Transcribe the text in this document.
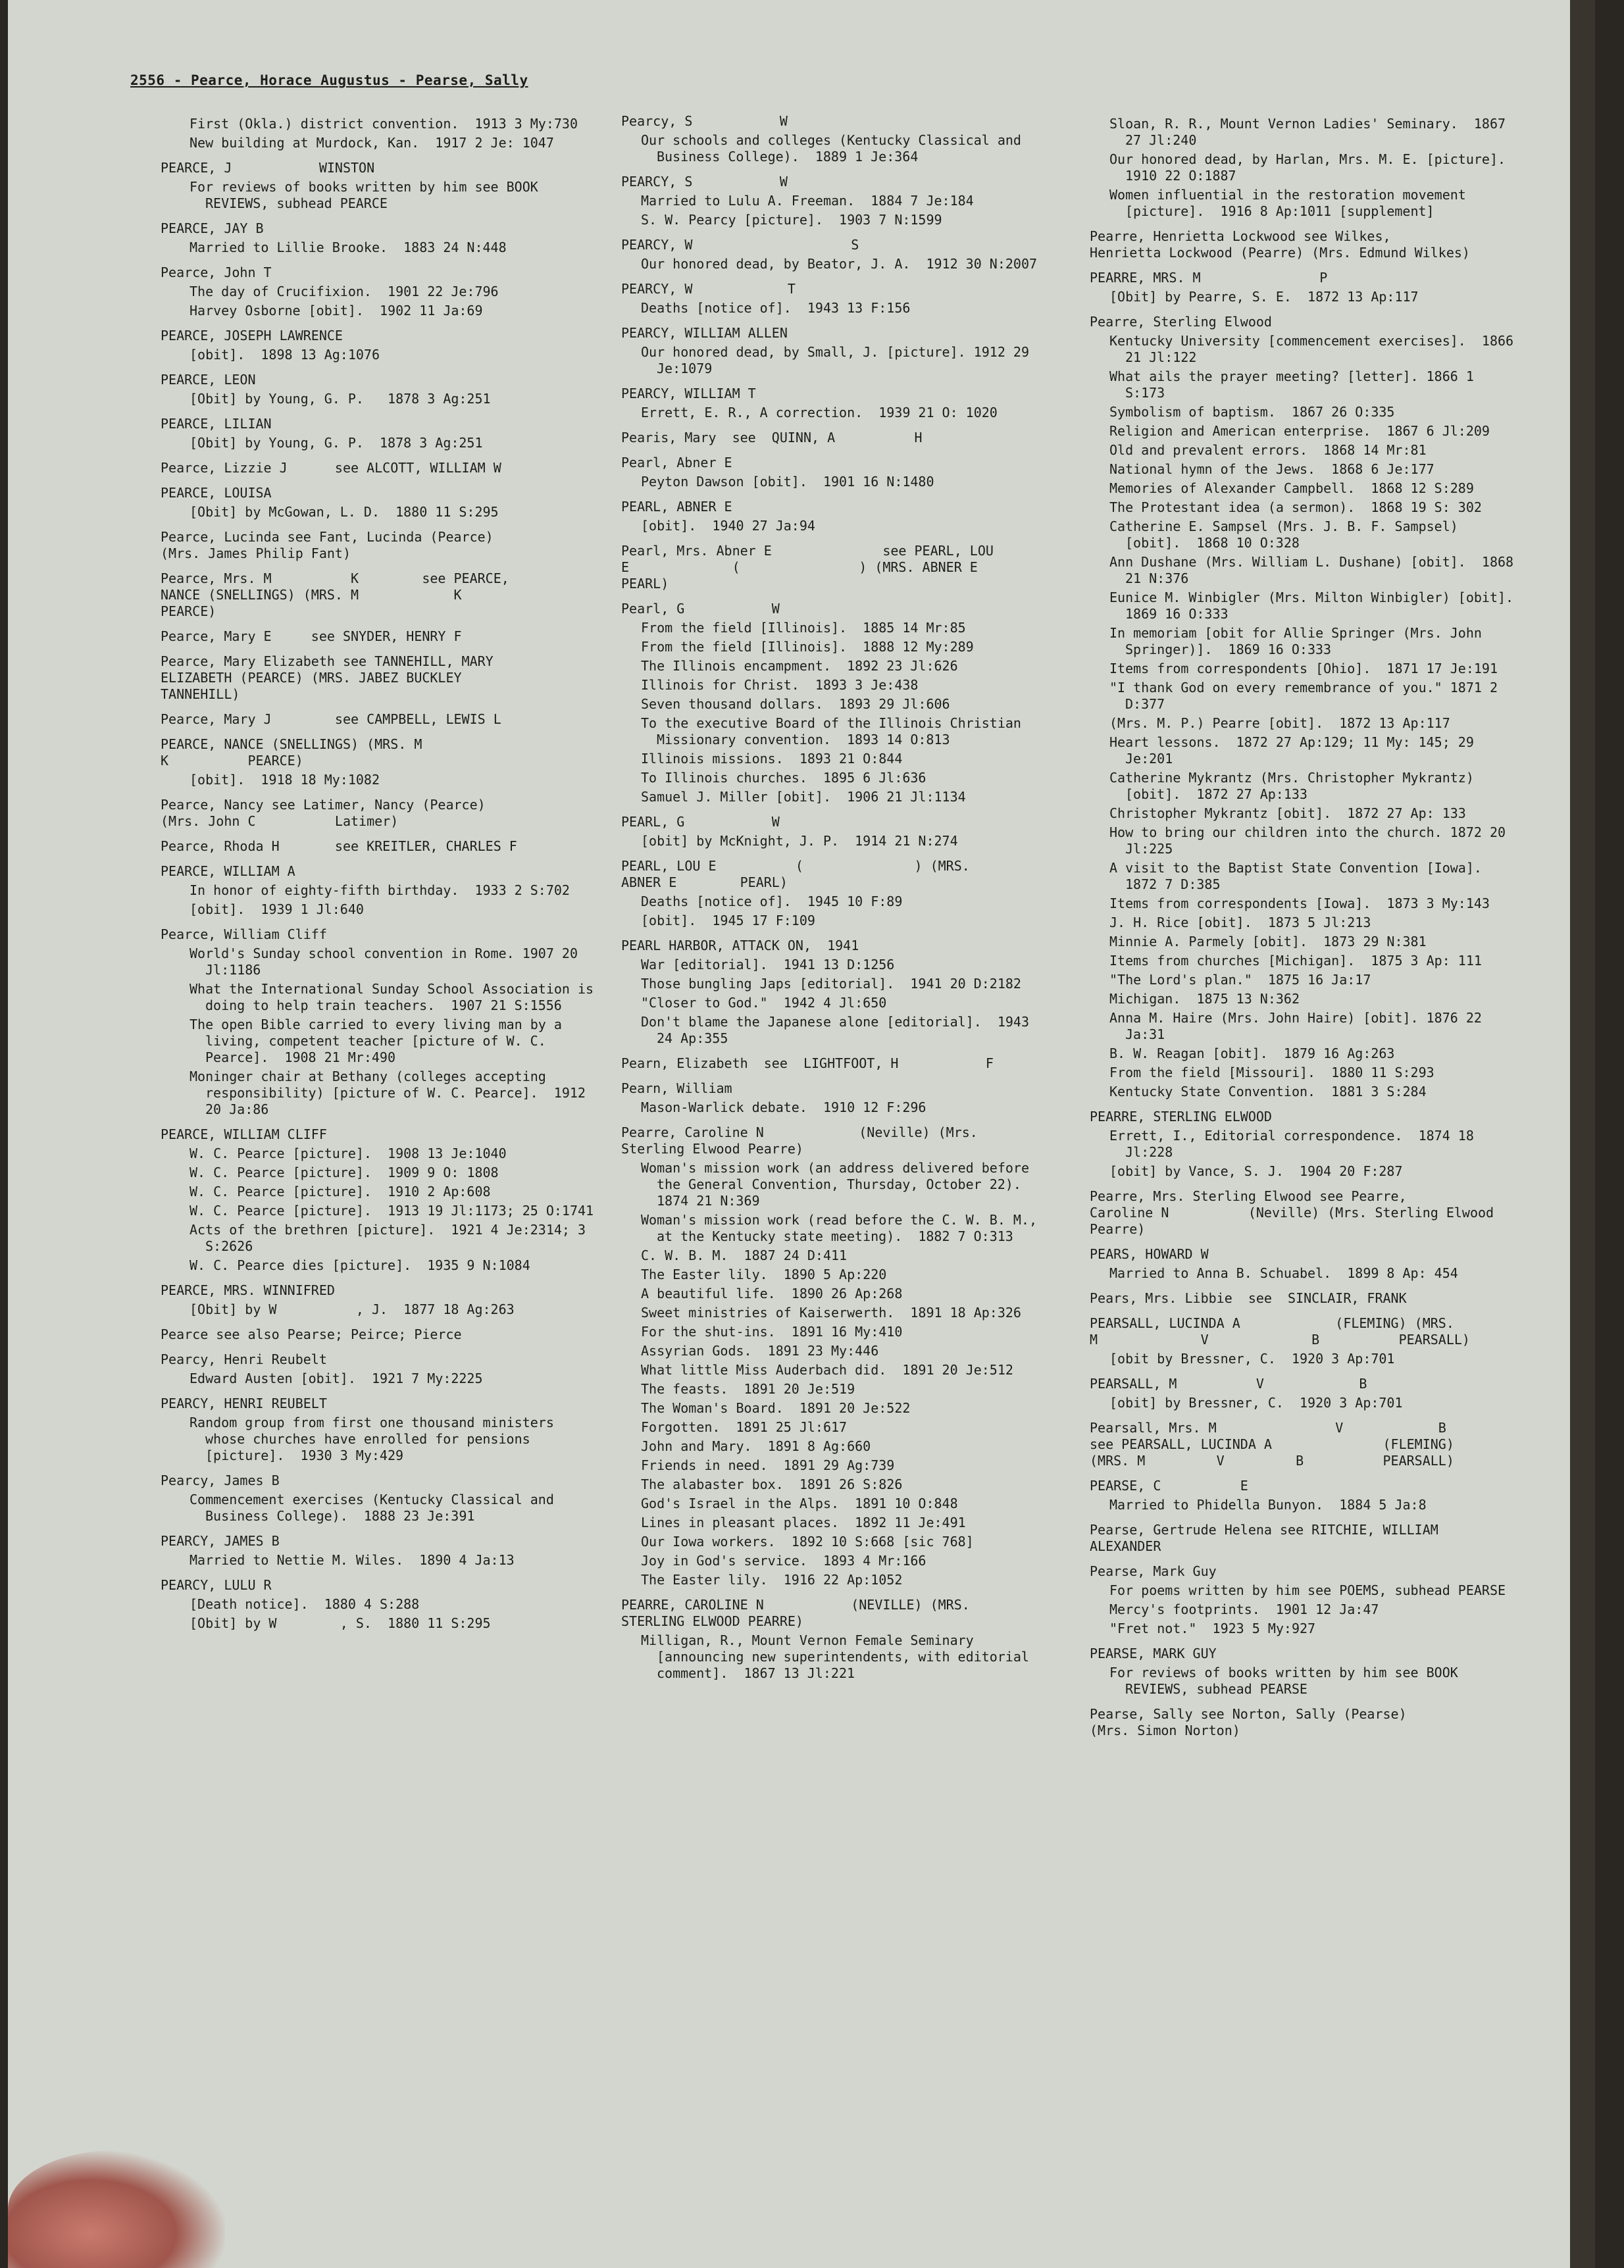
2556 - Pearce, Horace Augustus - Pearse, Sally
First (Okla.) district convention.  1913 3 My:730
New building at Murdock, Kan.  1917 2 Je: 1047
PEARCE, J           WINSTON
For reviews of books written by him see BOOK REVIEWS, subhead PEARCE
PEARCE, JAY B
Married to Lillie Brooke.  1883 24 N:448
Pearce, John T
The day of Crucifixion.  1901 22 Je:796
Harvey Osborne [obit].  1902 11 Ja:69
PEARCE, JOSEPH LAWRENCE
[obit].  1898 13 Ag:1076
PEARCE, LEON
[Obit] by Young, G. P.   1878 3 Ag:251
PEARCE, LILIAN
[Obit] by Young, G. P.  1878 3 Ag:251
Pearce, Lizzie J      see ALCOTT, WILLIAM W
PEARCE, LOUISA
[Obit] by McGowan, L. D.  1880 11 S:295
Pearce, Lucinda see Fant, Lucinda (Pearce)
(Mrs. James Philip Fant)
Pearce, Mrs. M          K        see PEARCE,
NANCE (SNELLINGS) (MRS. M            K
PEARCE)
Pearce, Mary E     see SNYDER, HENRY F
Pearce, Mary Elizabeth see TANNEHILL, MARY
ELIZABETH (PEARCE) (MRS. JABEZ BUCKLEY
TANNEHILL)
Pearce, Mary J        see CAMPBELL, LEWIS L
PEARCE, NANCE (SNELLINGS) (MRS. M
K          PEARCE)
[obit].  1918 18 My:1082
Pearce, Nancy see Latimer, Nancy (Pearce)
(Mrs. John C          Latimer)
Pearce, Rhoda H       see KREITLER, CHARLES F
PEARCE, WILLIAM A
In honor of eighty-fifth birthday.  1933 2 S:702
[obit].  1939 1 Jl:640
Pearce, William Cliff
World's Sunday school convention in Rome. 1907 20 Jl:1186
What the International Sunday School Association is doing to help train teachers.  1907 21 S:1556
The open Bible carried to every living man by a living, competent teacher [picture of W. C. Pearce].  1908 21 Mr:490
Moninger chair at Bethany (colleges accepting responsibility) [picture of W. C. Pearce].  1912 20 Ja:86
PEARCE, WILLIAM CLIFF
W. C. Pearce [picture].  1908 13 Je:1040
W. C. Pearce [picture].  1909 9 O: 1808
W. C. Pearce [picture].  1910 2 Ap:608
W. C. Pearce [picture].  1913 19 Jl:1173; 25 O:1741
Acts of the brethren [picture].  1921 4 Je:2314; 3 S:2626
W. C. Pearce dies [picture].  1935 9 N:1084
PEARCE, MRS. WINNIFRED
[Obit] by W          , J.  1877 18 Ag:263
Pearce see also Pearse; Peirce; Pierce
Pearcy, Henri Reubelt
Edward Austen [obit].  1921 7 My:2225
PEARCY, HENRI REUBELT
Random group from first one thousand ministers whose churches have enrolled for pensions [picture].  1930 3 My:429
Pearcy, James B
Commencement exercises (Kentucky Classical and Business College).  1888 23 Je:391
PEARCY, JAMES B
Married to Nettie M. Wiles.  1890 4 Ja:13
PEARCY, LULU R
[Death notice].  1880 4 S:288
[Obit] by W        , S.  1880 11 S:295
Pearcy, S           W
Our schools and colleges (Kentucky Classical and Business College).  1889 1 Je:364
PEARCY, S           W
Married to Lulu A. Freeman.  1884 7 Je:184
S. W. Pearcy [picture].  1903 7 N:1599
PEARCY, W                    S
Our honored dead, by Beator, J. A.  1912 30 N:2007
PEARCY, W            T
Deaths [notice of].  1943 13 F:156
PEARCY, WILLIAM ALLEN
Our honored dead, by Small, J. [picture]. 1912 29 Je:1079
PEARCY, WILLIAM T
Errett, E. R., A correction.  1939 21 O: 1020
Pearis, Mary  see  QUINN, A          H
Pearl, Abner E
Peyton Dawson [obit].  1901 16 N:1480
PEARL, ABNER E
[obit].  1940 27 Ja:94
Pearl, Mrs. Abner E              see PEARL, LOU
E             (               ) (MRS. ABNER E
PEARL)
Pearl, G           W
From the field [Illinois].  1885 14 Mr:85
From the field [Illinois].  1888 12 My:289
The Illinois encampment.  1892 23 Jl:626
Illinois for Christ.  1893 3 Je:438
Seven thousand dollars.  1893 29 Jl:606
To the executive Board of the Illinois Christian Missionary convention.  1893 14 O:813
Illinois missions.  1893 21 O:844
To Illinois churches.  1895 6 Jl:636
Samuel J. Miller [obit].  1906 21 Jl:1134
PEARL, G           W
[obit] by McKnight, J. P.  1914 21 N:274
PEARL, LOU E          (              ) (MRS.
ABNER E        PEARL)
Deaths [notice of].  1945 10 F:89
[obit].  1945 17 F:109
PEARL HARBOR, ATTACK ON,  1941
War [editorial].  1941 13 D:1256
Those bungling Japs [editorial].  1941 20 D:2182
"Closer to God."  1942 4 Jl:650
Don't blame the Japanese alone [editorial].  1943 24 Ap:355
Pearn, Elizabeth  see  LIGHTFOOT, H           F
Pearn, William
Mason-Warlick debate.  1910 12 F:296
Pearre, Caroline N            (Neville) (Mrs.
Sterling Elwood Pearre)
Woman's mission work (an address delivered before the General Convention, Thursday, October 22).  1874 21 N:369
Woman's mission work (read before the C. W. B. M., at the Kentucky state meeting).  1882 7 O:313
C. W. B. M.  1887 24 D:411
The Easter lily.  1890 5 Ap:220
A beautiful life.  1890 26 Ap:268
Sweet ministries of Kaiserwerth.  1891 18 Ap:326
For the shut-ins.  1891 16 My:410
Assyrian Gods.  1891 23 My:446
What little Miss Auderbach did.  1891 20 Je:512
The feasts.  1891 20 Je:519
The Woman's Board.  1891 20 Je:522
Forgotten.  1891 25 Jl:617
John and Mary.  1891 8 Ag:660
Friends in need.  1891 29 Ag:739
The alabaster box.  1891 26 S:826
God's Israel in the Alps.  1891 10 O:848
Lines in pleasant places.  1892 11 Je:491
Our Iowa workers.  1892 10 S:668 [sic 768]
Joy in God's service.  1893 4 Mr:166
The Easter lily.  1916 22 Ap:1052
PEARRE, CAROLINE N           (NEVILLE) (MRS.
STERLING ELWOOD PEARRE)
Milligan, R., Mount Vernon Female Seminary [announcing new superintendents, with editorial comment].  1867 13 Jl:221
Sloan, R. R., Mount Vernon Ladies' Seminary.  1867 27 Jl:240
Our honored dead, by Harlan, Mrs. M. E. [picture].  1910 22 O:1887
Women influential in the restoration movement [picture].  1916 8 Ap:1011 [supplement]
Pearre, Henrietta Lockwood see Wilkes,
Henrietta Lockwood (Pearre) (Mrs. Edmund Wilkes)
PEARRE, MRS. M               P
[Obit] by Pearre, S. E.  1872 13 Ap:117
Pearre, Sterling Elwood
Kentucky University [commencement exercises].  1866 21 Jl:122
What ails the prayer meeting? [letter]. 1866 1 S:173
Symbolism of baptism.  1867 26 O:335
Religion and American enterprise.  1867 6 Jl:209
Old and prevalent errors.  1868 14 Mr:81
National hymn of the Jews.  1868 6 Je:177
Memories of Alexander Campbell.  1868 12 S:289
The Protestant idea (a sermon).  1868 19 S: 302
Catherine E. Sampsel (Mrs. J. B. F. Sampsel) [obit].  1868 10 O:328
Ann Dushane (Mrs. William L. Dushane) [obit].  1868 21 N:376
Eunice M. Winbigler (Mrs. Milton Winbigler) [obit].  1869 16 O:333
In memoriam [obit for Allie Springer (Mrs. John Springer)].  1869 16 O:333
Items from correspondents [Ohio].  1871 17 Je:191
"I thank God on every remembrance of you." 1871 2 D:377
(Mrs. M. P.) Pearre [obit].  1872 13 Ap:117
Heart lessons.  1872 27 Ap:129; 11 My: 145; 29 Je:201
Catherine Mykrantz (Mrs. Christopher Mykrantz) [obit].  1872 27 Ap:133
Christopher Mykrantz [obit].  1872 27 Ap: 133
How to bring our children into the church. 1872 20 Jl:225
A visit to the Baptist State Convention [Iowa].  1872 7 D:385
Items from correspondents [Iowa].  1873 3 My:143
J. H. Rice [obit].  1873 5 Jl:213
Minnie A. Parmely [obit].  1873 29 N:381
Items from churches [Michigan].  1875 3 Ap: 111
"The Lord's plan."  1875 16 Ja:17
Michigan.  1875 13 N:362
Anna M. Haire (Mrs. John Haire) [obit]. 1876 22 Ja:31
B. W. Reagan [obit].  1879 16 Ag:263
From the field [Missouri].  1880 11 S:293
Kentucky State Convention.  1881 3 S:284
PEARRE, STERLING ELWOOD
Errett, I., Editorial correspondence.  1874 18 Jl:228
[obit] by Vance, S. J.  1904 20 F:287
Pearre, Mrs. Sterling Elwood see Pearre,
Caroline N          (Neville) (Mrs. Sterling Elwood Pearre)
PEARS, HOWARD W
Married to Anna B. Schuabel.  1899 8 Ap: 454
Pears, Mrs. Libbie  see  SINCLAIR, FRANK
PEARSALL, LUCINDA A            (FLEMING) (MRS.
M             V             B          PEARSALL)
[obit by Bressner, C.  1920 3 Ap:701
PEARSALL, M          V            B
[obit] by Bressner, C.  1920 3 Ap:701
Pearsall, Mrs. M               V            B
see PEARSALL, LUCINDA A              (FLEMING)
(MRS. M         V         B          PEARSALL)
PEARSE, C          E
Married to Phidella Bunyon.  1884 5 Ja:8
Pearse, Gertrude Helena see RITCHIE, WILLIAM
ALEXANDER
Pearse, Mark Guy
For poems written by him see POEMS, subhead PEARSE
Mercy's footprints.  1901 12 Ja:47
"Fret not."  1923 5 My:927
PEARSE, MARK GUY
For reviews of books written by him see BOOK REVIEWS, subhead PEARSE
Pearse, Sally see Norton, Sally (Pearse)
(Mrs. Simon Norton)
